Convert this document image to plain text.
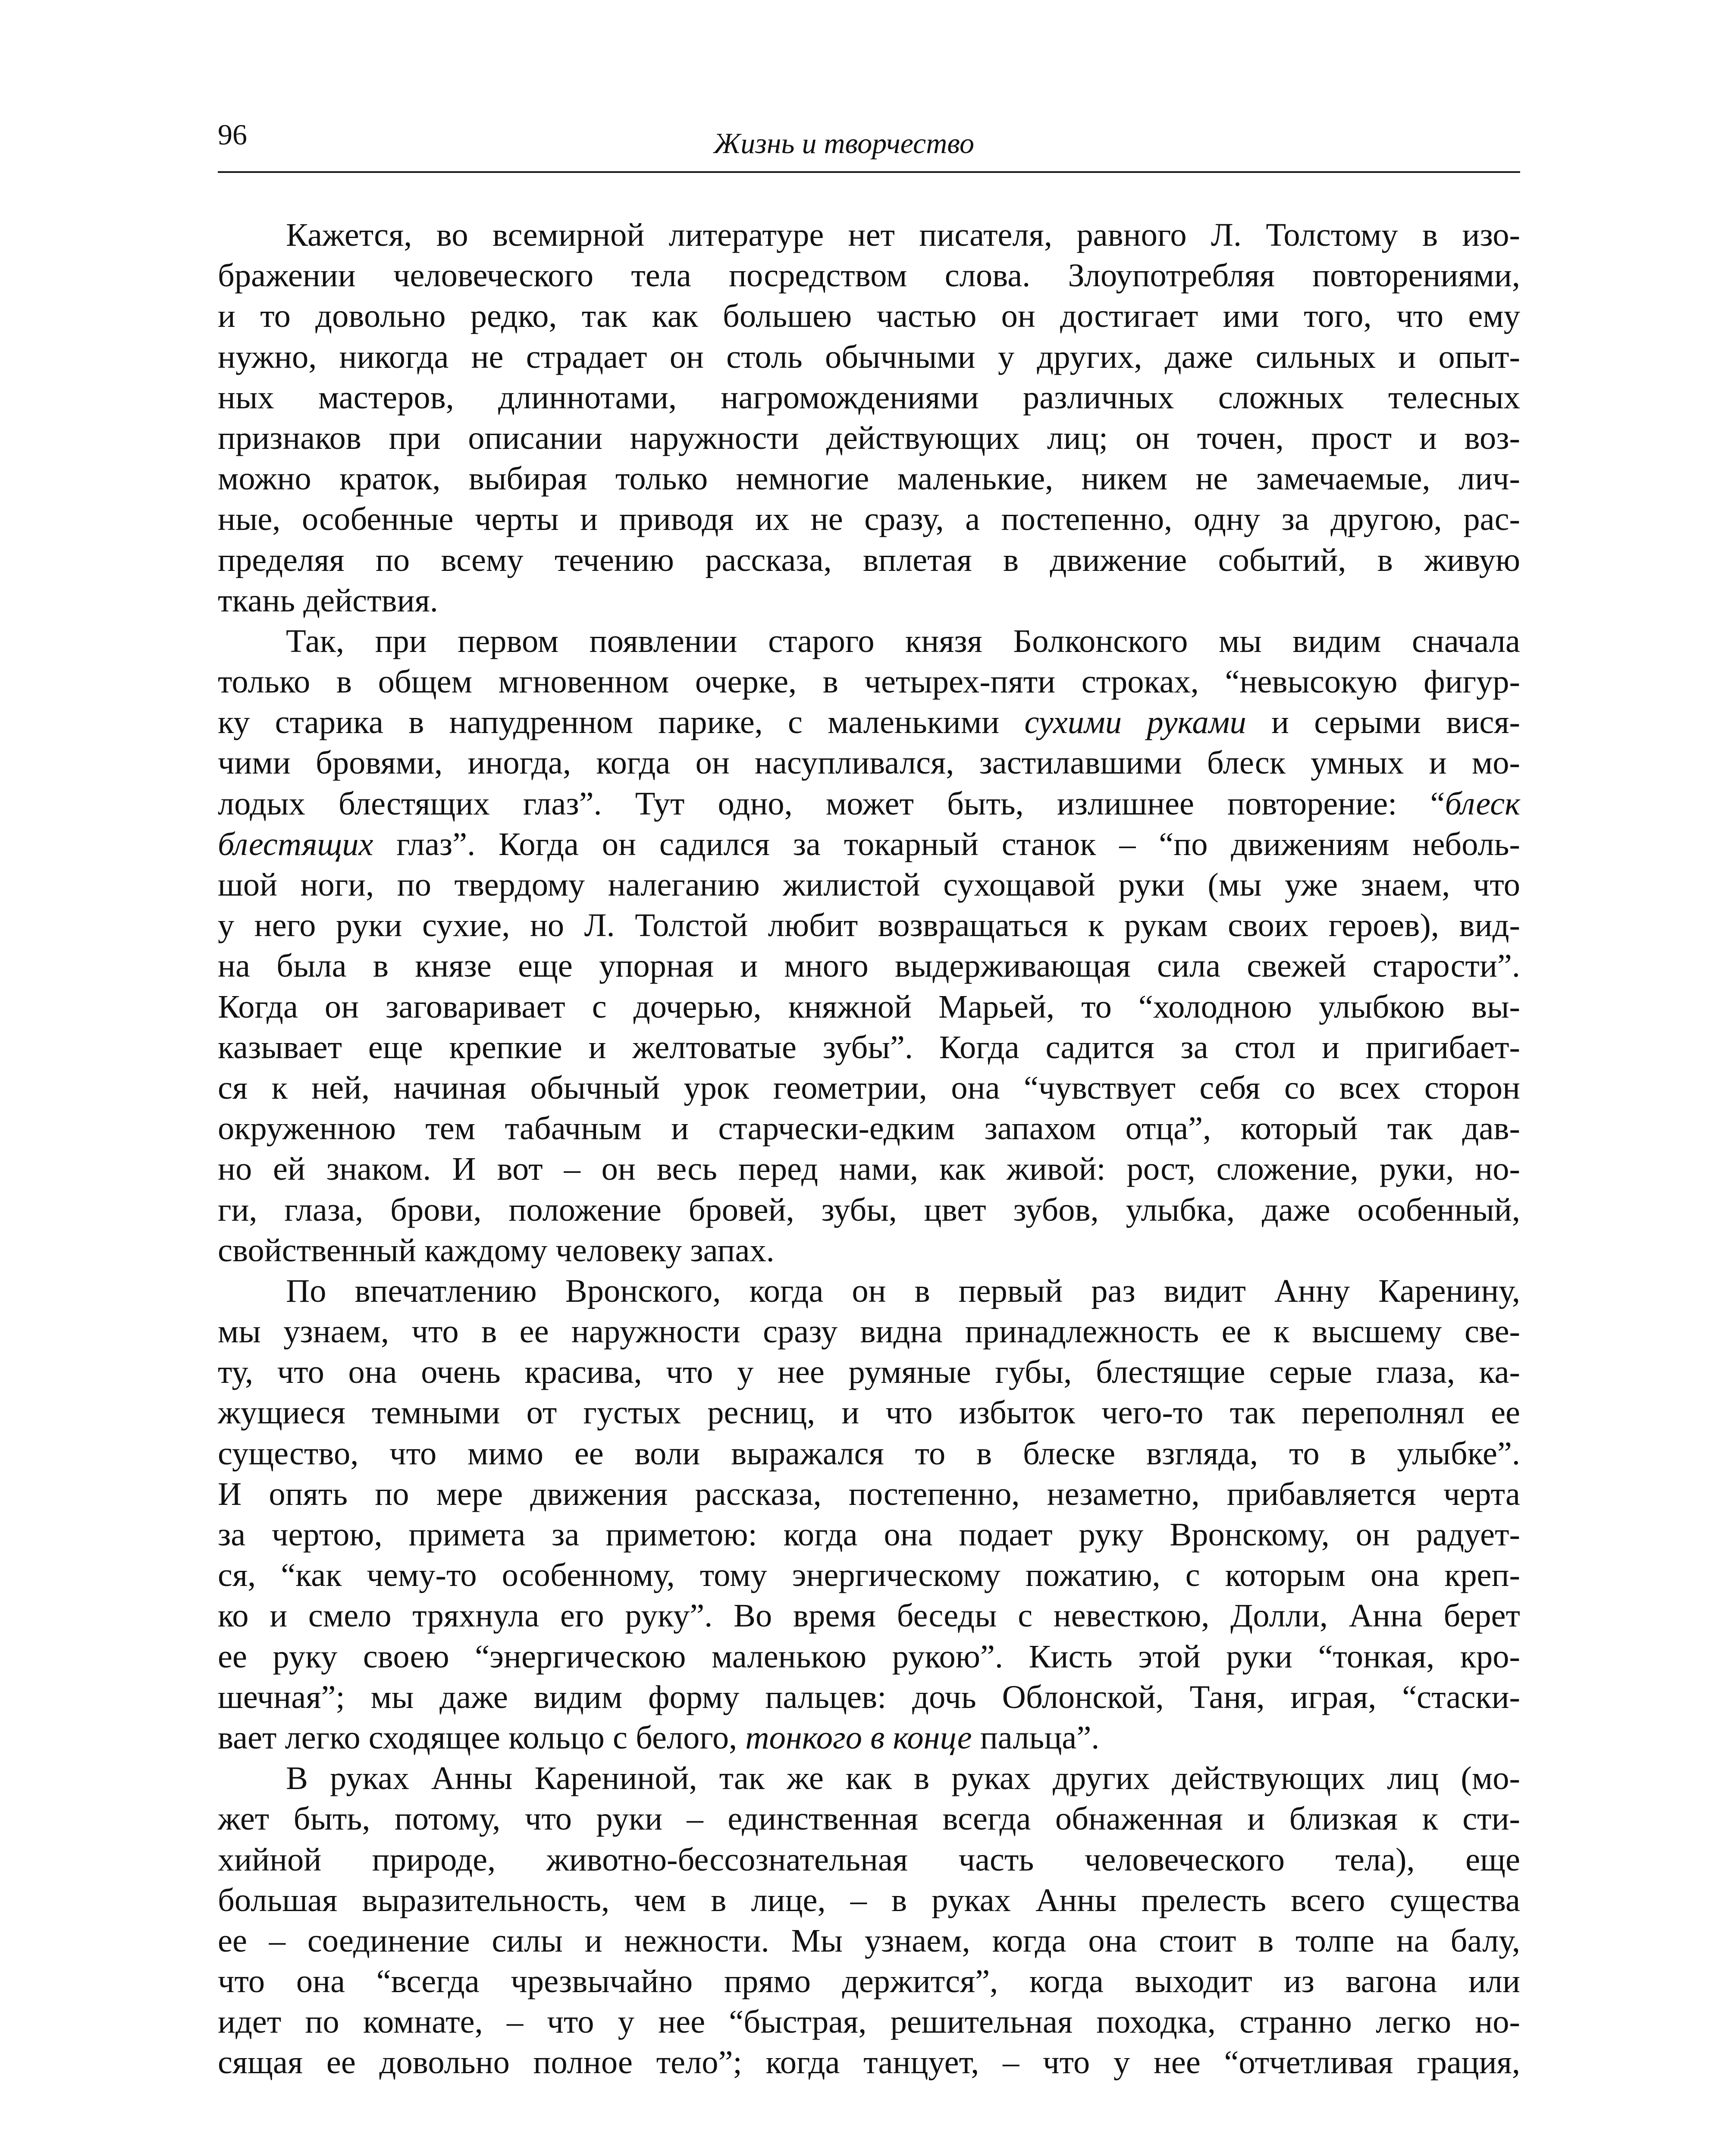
96	Жизнь и творчество
Кажется, во всемирной литературе нет писателя, равного Л. Толстому в изо-
бражении человеческого тела посредством слова. Злоупотребляя повторениями,
и то довольно редко, так как большею частью он достигает ими того, что ему
нужно, никогда не страдает он столь обычными у других, даже сильных и опыт-
ных мастеров, длиннотами, нагромождениями различных сложных телесных
признаков при описании наружности действующих лиц; он точен, прост и воз-
можно краток, выбирая только немногие маленькие, никем не замечаемые, лич-
ные, особенные черты и приводя их не сразу, а постепенно, одну за другою, рас-
пределяя по всему течению рассказа, вплетая в движение событий, в живую
ткань действия.
Так, при первом появлении старого князя Болконского мы видим сначала
только в общем мгновенном очерке, в четырех-пяти строках, “невысокую фигур-
ку старика в напудренном парике, с маленькими сухими руками и серыми вися-
чими бровями, иногда, когда он насупливался, застилавшими блеск умных и мо-
лодых блестящих глаз”. Тут одно, может быть, излишнее повторение: “блеск
блестящих глаз”. Когда он садился за токарный станок – “по движениям неболь-
шой ноги, по твердому налеганию жилистой сухощавой руки (мы уже знаем, что
у него руки сухие, но Л. Толстой любит возвращаться к рукам своих героев), вид-
на была в князе еще упорная и много выдерживающая сила свежей старости”.
Когда он заговаривает с дочерью, княжной Марьей, то “холодною улыбкою вы-
казывает еще крепкие и желтоватые зубы”. Когда садится за стол и пригибает-
ся к ней, начиная обычный урок геометрии, она “чувствует себя со всех сторон
окруженною тем табачным и старчески-едким запахом отца”, который так дав-
но ей знаком. И вот – он весь перед нами, как живой: рост, сложение, руки, но-
ги, глаза, брови, положение бровей, зубы, цвет зубов, улыбка, даже особенный,
свойственный каждому человеку запах.
По впечатлению Вронского, когда он в первый раз видит Анну Каренину,
мы узнаем, что в ее наружности сразу видна принадлежность ее к высшему све-
ту, что она очень красива, что у нее румяные губы, блестящие серые глаза, ка-
жущиеся темными от густых ресниц, и что избыток чего-то так переполнял ее
существо, что мимо ее воли выражался то в блеске взгляда, то в улыбке”.
И опять по мере движения рассказа, постепенно, незаметно, прибавляется черта
за чертою, примета за приметою: когда она подает руку Вронскому, он радует-
ся, “как чему-то особенному, тому энергическому пожатию, с которым она креп-
ко и смело тряхнула его руку”. Во время беседы с невесткою, Долли, Анна берет
ее руку своею “энергическою маленькою рукою”. Кисть этой руки “тонкая, кро-
шечная”; мы даже видим форму пальцев: дочь Облонской, Таня, играя, “стаски-
вает легко сходящее кольцо с белого, тонкого в конце пальца”.
В руках Анны Карениной, так же как в руках других действующих лиц (мо-
жет быть, потому, что руки – единственная всегда обнаженная и близкая к сти-
хийной природе, животно-бессознательная часть человеческого тела), еще
большая выразительность, чем в лице, – в руках Анны прелесть всего существа
ее – соединение силы и нежности. Мы узнаем, когда она стоит в толпе на балу,
что она “всегда чрезвычайно прямо держится”, когда выходит из вагона или
идет по комнате, – что у нее “быстрая, решительная походка, странно легко но-
сящая ее довольно полное тело”; когда танцует, – что у нее “отчетливая грация,
